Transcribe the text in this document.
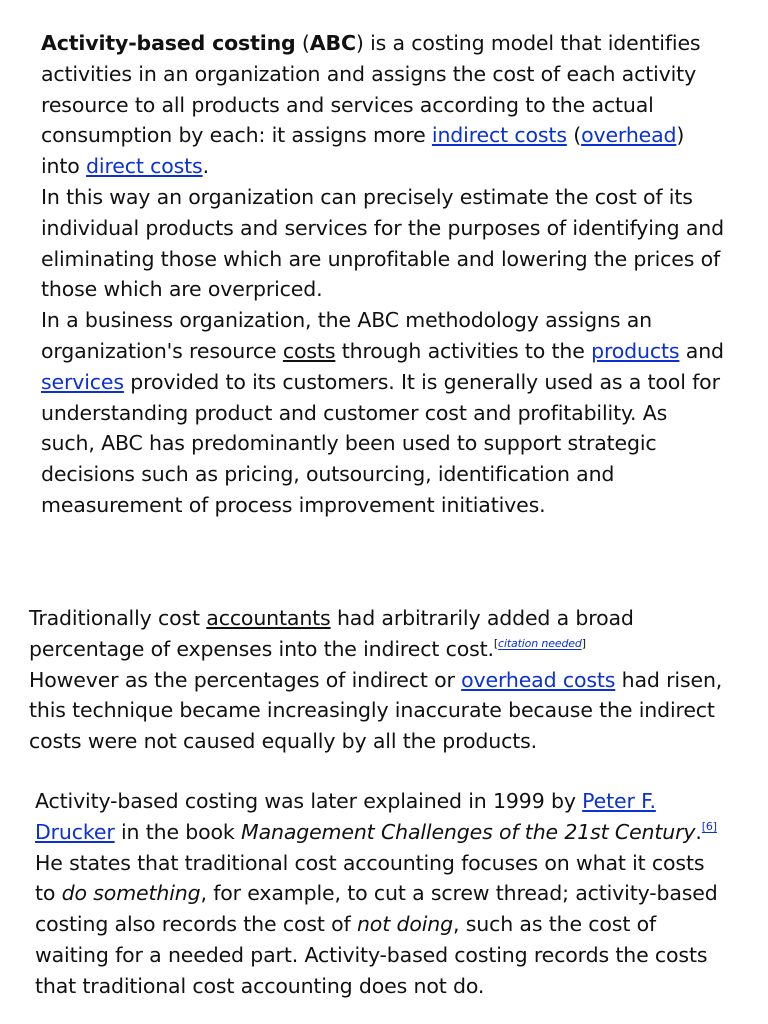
Activity-based costing (ABC) is a costing model that identifies
activities in an organization and assigns the cost of each activity
resource to all products and services according to the actual
consumption by each: it assigns more indirect costs (overhead)
into direct costs.
In this way an organization can precisely estimate the cost of its
individual products and services for the purposes of identifying and
eliminating those which are unprofitable and lowering the prices of
those which are overpriced.
In a business organization, the ABC methodology assigns an
organization's resource costs through activities to the products and
services provided to its customers. It is generally used as a tool for
understanding product and customer cost and profitability. As
such, ABC has predominantly been used to support strategic
decisions such as pricing, outsourcing, identification and
measurement of process improvement initiatives.
Traditionally cost accountants had arbitrarily added a broad
percentage of expenses into the indirect cost.[citation needed]
However as the percentages of indirect or overhead costs had risen,
this technique became increasingly inaccurate because the indirect
costs were not caused equally by all the products.
Activity-based costing was later explained in 1999 by Peter F.
Drucker in the book Management Challenges of the 21st Century.[6]
He states that traditional cost accounting focuses on what it costs
to do something, for example, to cut a screw thread; activity-based
costing also records the cost of not doing, such as the cost of
waiting for a needed part. Activity-based costing records the costs
that traditional cost accounting does not do.
